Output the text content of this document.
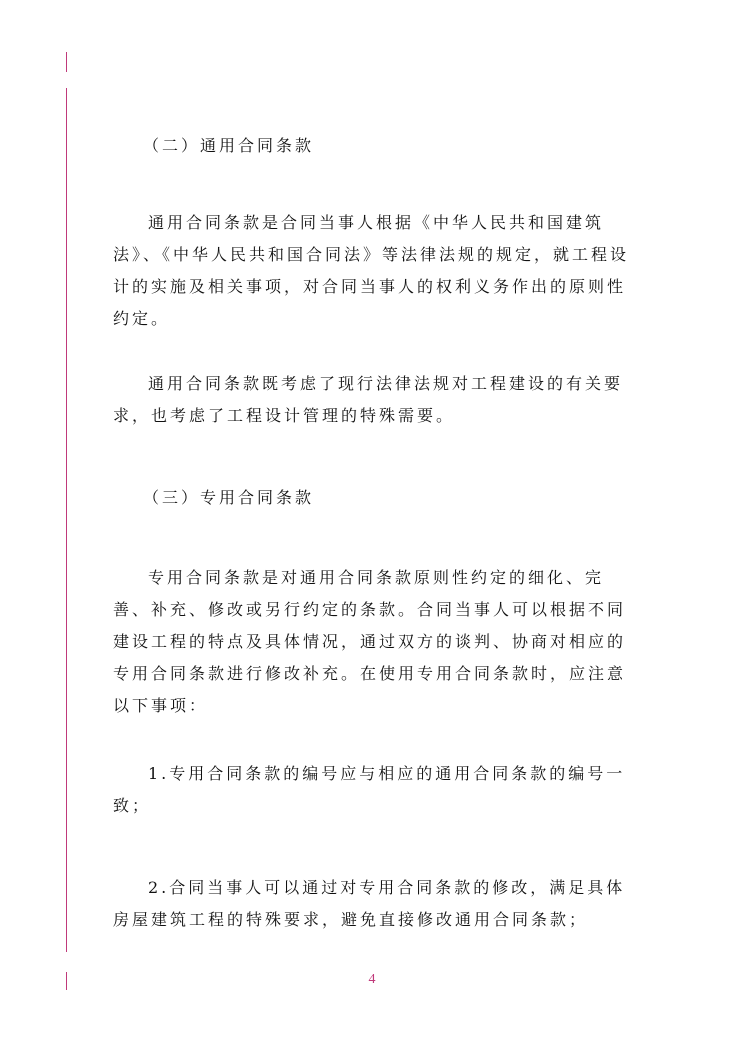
（二）通用合同条款

通用合同条款是合同当事人根据《中华人民共和国建筑法》、《中华人民共和国合同法》等法律法规的规定，就工程设计的实施及相关事项，对合同当事人的权利义务作出的原则性约定。

通用合同条款既考虑了现行法律法规对工程建设的有关要求，也考虑了工程设计管理的特殊需要。

（三）专用合同条款

专用合同条款是对通用合同条款原则性约定的细化、完善、补充、修改或另行约定的条款。合同当事人可以根据不同建设工程的特点及具体情况，通过双方的谈判、协商对相应的专用合同条款进行修改补充。在使用专用合同条款时，应注意以下事项：

1.专用合同条款的编号应与相应的通用合同条款的编号一致；

2.合同当事人可以通过对专用合同条款的修改，满足具体房屋建筑工程的特殊要求，避免直接修改通用合同条款；

4
